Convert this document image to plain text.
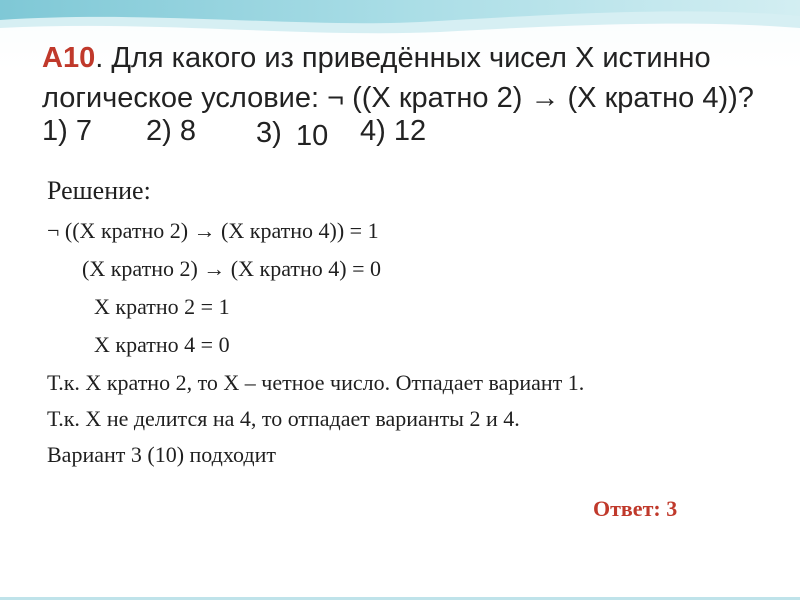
А10. Для какого из приведённых чисел X истинно
логическое условие: ¬ ((X кратно 2) → (X кратно 4))?
1) 7 2) 8 3) 10 4) 12
Решение:
¬ ((X кратно 2) → (X кратно 4)) = 1
(X кратно 2) → (X кратно 4) = 0
X кратно 2 = 1
X кратно 4 = 0
Т.к. X кратно 2, то X – четное число. Отпадает вариант 1.
Т.к. X не делится на 4, то отпадает варианты 2 и 4.
Вариант 3 (10) подходит
Ответ: 3
